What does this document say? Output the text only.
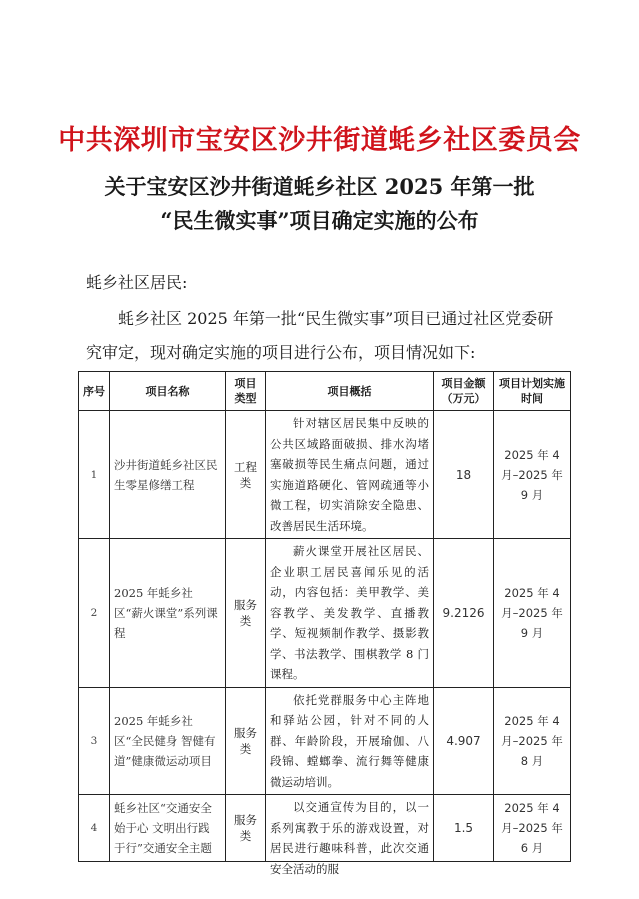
中共深圳市宝安区沙井街道蚝乡社区委员会
关于宝安区沙井街道蚝乡社区 2025 年第一批
“民生微实事”项目确定实施的公布
蚝乡社区居民:
蚝乡社区 2025 年第一批“民生微实事”项目已通过社区党委研究审定，现对确定实施的项目进行公布，项目情况如下:
序号	项目名称	项目类型	项目概括	项目金额（万元）	项目计划实施时间
1	沙井街道蚝乡社区民生零星修缮工程	工程类	针对辖区居民集中反映的公共区域路面破损、排水沟堵塞破损等民生痛点问题，通过实施道路硬化、管网疏通等小微工程，切实消除安全隐患、改善居民生活环境。	18	2025 年 4 月–2025 年 9 月
2	2025 年蚝乡社区“薪火课堂”系列课程	服务类	薪火课堂开展社区居民、企业职工居民喜闻乐见的活动，内容包括：美甲教学、美容教学、美发教学、直播教学、短视频制作教学、摄影教学、书法教学、围棋教学 8 门课程。	9.2126	2025 年 4 月–2025 年 9 月
3	2025 年蚝乡社区“全民健身 智健有道”健康微运动项目	服务类	依托党群服务中心主阵地和驿站公园，针对不同的人群、年龄阶段，开展瑜伽、八段锦、螳螂拳、流行舞等健康微运动培训。	4.907	2025 年 4 月–2025 年 8 月
4	蚝乡社区“交通安全始于心 文明出行践于行”交通安全主题	服务类	以交通宣传为目的，以一系列寓教于乐的游戏设置，对居民进行趣味科普，此次交通安全活动的服	1.5	2025 年 4 月–2025 年 6 月
